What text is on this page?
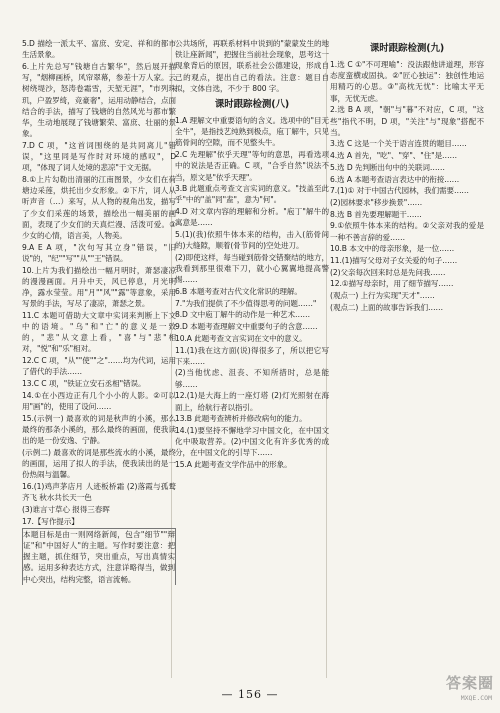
5.D 描绘一派太平、富庶、安定、祥和的都市生活景象。

6.上片先总写"钱塘自古繁华"，然后展开描写，"烟柳画桥，风帘翠幕，参差十万人家。云树绕堤沙，怒涛卷霜雪，天堑无涯"，"市列珠玑，户盈罗绮，竞豪奢"，运用动静结合，点面结合的手法，描写了钱塘的自然风光与都市繁华，生动地展现了钱塘繁荣、富庶、壮丽的景象。

7.D C 项，"这首词围绕的是共同离儿"错误，"这里同是写作时对环境的感叹"，D 项，"体现了词人处境的悲凉"于文无据。

8.①上片勾勒出清丽的江南图景，少女们在荷塘边采莲，烘托出少女形象。②下片，词人从听声音（…）来写，从人物的视角出发，描写了少女们采莲的场景，描绘出一幅美丽的画面，表现了少女们的天真烂漫、活泼可爱。③少女的心情，语言美，人物美。

9.A E A 项，"次句写其立身"错误，"旧说"的，"纪""写""从""王"错误。

10.上片为我们描绘出一幅月明时，萧瑟凄凉的漫漫画面。月升中天，风已停息，月光明净，露水莹莹。用"月""风""露"等意象，采用写景的手法，写尽了凄凉，萧瑟之景。

11.C 本题可借助大文章中实词来判断上下文中的语境。"乌"和"亡"的意义是一致的，"悲"从文意上看，"喜"与"悲"相对，"悦"和"乐"相对。

12.C C 项，"从""使""之"……均为代词，运用了借代的手法……

13.C C 项，"铁证立安石丞相"错误。

14.①在小西边正有几个小小的人影。②可以用"画"的，使用了设问……

15.(示例一) 最喜欢的词是秋声的小溪，那么最终的那条小溪的，那么最终的画面，使我读出的是一份安逸、宁静。

(示例二) 最喜欢的词是那些流水的小溪，最终的画面，运用了拟人的手法，使我读出的是一份热闹与温馨。

16.(1)鸡声茅店月 人迹板桥霜 (2)落霞与孤鹜齐飞 秋水共长天一色

(3)谁言寸草心 报得三春晖

17.【写作提示】

本题目标是由一则网络新闻，包含"细节""辩证"和"中国好人"的主题。写作时要注意：把握主题，抓住细节，突出重点，写出真情实感。运用多种表达方式，注意详略得当，做到中心突出，结构完整，语言流畅。

公共场所，再联系材料中说到的"蒙蒙发生的地铁让座新闻"，把握住当前社会现象，思考这一现象背后的原因，联系社会公德建设，形成自己的观点，提出自己的看法。注意：题目自拟，文体自选，不少于 800 字。

课时跟踪检测(八)

1.A 理解文中重要语句的含义。选项中的"目无全牛"，是指技艺纯熟到极点，庖丁解牛，只见筋骨间的空隙，而不见整头牛。

2.C 先理解"依乎天理"等句的意思，再看选项中的说法是否正确。C 项，"合乎自然"说法不当，原文是"依乎天理"。

3.B 此题重点考查文言实词的意义。"技盖至此乎"中的"盖"同"盍"，意为"何"。

4.D 对文章内容的理解和分析。"庖丁"解牛的寓意是……

5.(1)(我)依照牛体本来的结构，击入(筋骨间的)大缝隙，顺着(骨节间的)空处进刀。

(2)即使这样，每当碰到筋骨交错聚结的地方，我看到那里很难下刀，就小心翼翼地提高警惕……

6.B 本题考查对古代文化常识的理解。

7."为我们提供了不少值得思考的问题……"

8.D 文中庖丁解牛的动作是一种艺术……

9.D 本题考查理解文中重要句子的含意……

10.A 此题考查文言实词在文中的意义。

11.(1)我在这方面(说)得很多了，所以把它写下来……

(2)当他忧虑、沮丧、不知所措时，总是能够……

12.(1)是大海上的一座灯塔 (2)灯光照射在海面上，给航行者以指引。

13.B 此题考查辨析并修改病句的能力。

14.(1)要坚持不懈地学习中国文化，在中国文化中吸取营养。(2)中国文化有许多优秀的成分，在中国文化的引导下……

15.A 此题考查文学作品中的形象。

课时跟踪检测(九)

1.选 C ①"不可理喻"：没法跟他讲道理，形容态度蛮横或固执。②"匠心独运"：独创性地运用精巧的心思。③"高枕无忧"：比喻太平无事，无忧无虑。

2.选 B A 项，"朝"与"暮"不对应，C 项，"这些"指代不明，D 项，"关注"与"现象"搭配不当。

3.选 C 这是一个关于语言连贯的题目……

4.选 A 首先，"吃"、"穿"、"住"是……

5.选 D 先判断出句中的关联词……

6.选 A 本题考查语言表达中的衔接……

7.(1)① 对于中国古代园林，我们需要……

(2)园林要求"移步换景"……

8.选 B 首先要理解题干……

9.①依照牛体本来的结构。②父亲对我的爱是一种不善言辞的爱……

10.B 本文中的母亲形象，是一位……

11.(1)描写父母对子女关爱的句子……

(2)父亲每次回来时总是先问我……

12.①描写母亲时，用了细节描写……

(观点一) 上行为实现"天才"……

(观点二) 上面的故事告诉我们……

— 156 —
答案圈
MXQE.COM
